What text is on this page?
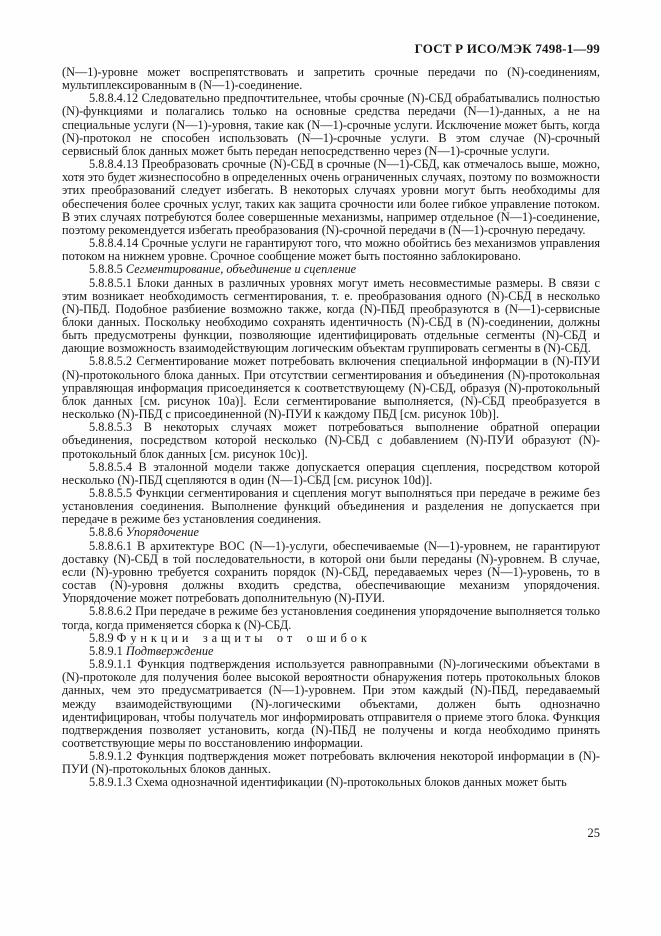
ГОСТ Р ИСО/МЭК 7498-1—99

(N—1)-уровне может воспрепятствовать и запретить срочные передачи по (N)-соединениям, мультиплексированным в (N—1)-соединение.

5.8.8.4.12 Следовательно предпочтительнее, чтобы срочные (N)-СБД обрабатывались полностью (N)-функциями и полагались только на основные средства передачи (N—1)-данных, а не на специальные услуги (N—1)-уровня, такие как (N—1)-срочные услуги. Исключение может быть, когда (N)-протокол не способен использовать (N—1)-срочные услуги. В этом случае (N)-срочный сервисный блок данных может быть передан непосредственно через (N—1)-срочные услуги.

5.8.8.4.13 Преобразовать срочные (N)-СБД в срочные (N—1)-СБД, как отмечалось выше, можно, хотя это будет жизнеспособно в определенных очень ограниченных случаях, поэтому по возможности этих преобразований следует избегать. В некоторых случаях уровни могут быть необходимы для обеспечения более срочных услуг, таких как защита срочности или более гибкое управление потоком. В этих случаях потребуются более совершенные механизмы, например отдельное (N—1)-соединение, поэтому рекомендуется избегать преобразования (N)-срочной передачи в (N—1)-срочную передачу.

5.8.8.4.14 Срочные услуги не гарантируют того, что можно обойтись без механизмов управления потоком на нижнем уровне. Срочное сообщение может быть постоянно заблокировано.

5.8.8.5 Сегментирование, объединение и сцепление

5.8.8.5.1 Блоки данных в различных уровнях могут иметь несовместимые размеры. В связи с этим возникает необходимость сегментирования, т. е. преобразования одного (N)-СБД в несколько (N)-ПБД. Подобное разбиение возможно также, когда (N)-ПБД преобразуются в (N—1)-сервисные блоки данных. Поскольку необходимо сохранять идентичность (N)-СБД в (N)-соединении, должны быть предусмотрены функции, позволяющие идентифицировать отдельные сегменты (N)-СБД и дающие возможность взаимодействующим логическим объектам группировать сегменты в (N)-СБД.

5.8.8.5.2 Сегментирование может потребовать включения специальной информации в (N)-ПУИ (N)-протокольного блока данных. При отсутствии сегментирования и объединения (N)-протокольная управляющая информация присоединяется к соответствующему (N)-СБД, образуя (N)-протокольный блок данных [см. рисунок 10a)]. Если сегментирование выполняется, (N)-СБД преобразуется в несколько (N)-ПБД с присоединенной (N)-ПУИ к каждому ПБД [см. рисунок 10b)].

5.8.8.5.3 В некоторых случаях может потребоваться выполнение обратной операции объединения, посредством которой несколько (N)-СБД с добавлением (N)-ПУИ образуют (N)-протокольный блок данных [см. рисунок 10c)].

5.8.8.5.4 В эталонной модели также допускается операция сцепления, посредством которой несколько (N)-ПБД сцепляются в один (N—1)-СБД [см. рисунок 10d)].

5.8.8.5.5 Функции сегментирования и сцепления могут выполняться при передаче в режиме без установления соединения. Выполнение функций объединения и разделения не допускается при передаче в режиме без установления соединения.

5.8.8.6 Упорядочение

5.8.8.6.1 В архитектуре ВОС (N—1)-услуги, обеспечиваемые (N—1)-уровнем, не гарантируют доставку (N)-СБД в той последовательности, в которой они были переданы (N)-уровнем. В случае, если (N)-уровню требуется сохранить порядок (N)-СБД, передаваемых через (N—1)-уровень, то в состав (N)-уровня должны входить средства, обеспечивающие механизм упорядочения. Упорядочение может потребовать дополнительную (N)-ПУИ.

5.8.8.6.2 При передаче в режиме без установления соединения упорядочение выполняется только тогда, когда применяется сборка к (N)-СБД.

5.8.9 Функции защиты от ошибок

5.8.9.1 Подтверждение

5.8.9.1.1 Функция подтверждения используется равноправными (N)-логическими объектами в (N)-протоколе для получения более высокой вероятности обнаружения потерь протокольных блоков данных, чем это предусматривается (N—1)-уровнем. При этом каждый (N)-ПБД, передаваемый между взаимодействующими (N)-логическими объектами, должен быть однозначно идентифицирован, чтобы получатель мог информировать отправителя о приеме этого блока. Функция подтверждения позволяет установить, когда (N)-ПБД не получены и когда необходимо принять соответствующие меры по восстановлению информации.

5.8.9.1.2 Функция подтверждения может потребовать включения некоторой информации в (N)-ПУИ (N)-протокольных блоков данных.

5.8.9.1.3 Схема однозначной идентификации (N)-протокольных блоков данных может быть

25
